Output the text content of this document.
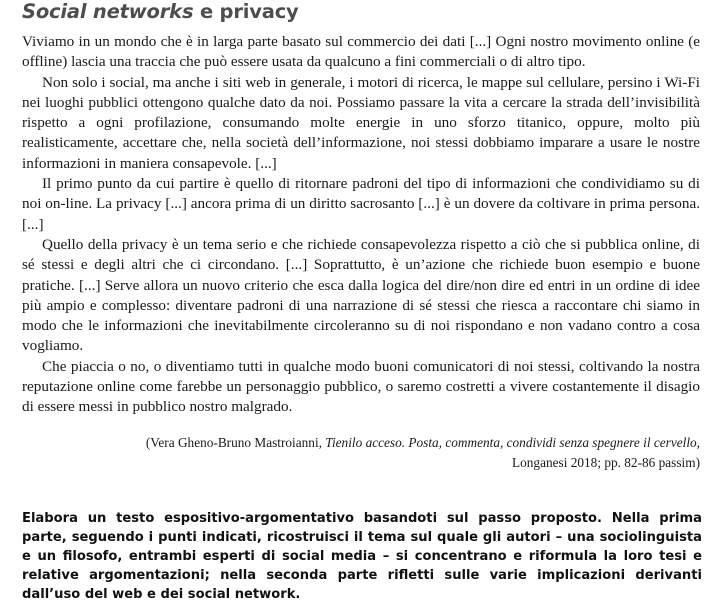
Social networks e privacy

Viviamo in un mondo che è in larga parte basato sul commercio dei dati [...] Ogni nostro movimento online (e offline) lascia una traccia che può essere usata da qualcuno a fini commerciali o di altro tipo.

Non solo i social, ma anche i siti web in generale, i motori di ricerca, le mappe sul cellulare, persino i Wi-Fi nei luoghi pubblici ottengono qualche dato da noi. Possiamo passare la vita a cercare la strada dell’invisibilità rispetto a ogni profilazione, consumando molte energie in uno sforzo titanico, oppure, molto più realisticamente, accettare che, nella società dell’informazione, noi stessi dobbiamo imparare a usare le nostre informazioni in maniera consapevole. [...]

Il primo punto da cui partire è quello di ritornare padroni del tipo di informazioni che condividiamo su di noi on-line. La privacy [...] ancora prima di un diritto sacrosanto [...] è un dovere da coltivare in prima persona. [...]

Quello della privacy è un tema serio e che richiede consapevolezza rispetto a ciò che si pubblica online, di sé stessi e degli altri che ci circondano. [...] Soprattutto, è un’azione che richiede buon esempio e buone pratiche. [...] Serve allora un nuovo criterio che esca dalla logica del dire/non dire ed entri in un ordine di idee più ampio e complesso: diventare padroni di una narrazione di sé stessi che riesca a raccontare chi siamo in modo che le informazioni che inevitabilmente circoleranno su di noi rispondano e non vadano contro a cosa vogliamo.

Che piaccia o no, o diventiamo tutti in qualche modo buoni comunicatori di noi stessi, coltivando la nostra reputazione online come farebbe un personaggio pubblico, o saremo costretti a vivere costantemente il disagio di essere messi in pubblico nostro malgrado.

(Vera Gheno-Bruno Mastroianni, Tienilo acceso. Posta, commenta, condividi senza spegnere il cervello,
Longanesi 2018; pp. 82-86 passim)
Elabora un testo espositivo-argomentativo basandoti sul passo proposto. Nella prima parte, seguendo i punti indicati, ricostruisci il tema sul quale gli autori – una sociolinguista e un filosofo, entrambi esperti di social media – si concentrano e riformula la loro tesi e relative argomentazioni; nella seconda parte rifletti sulle varie implicazioni derivanti dall’uso del web e dei social network.
